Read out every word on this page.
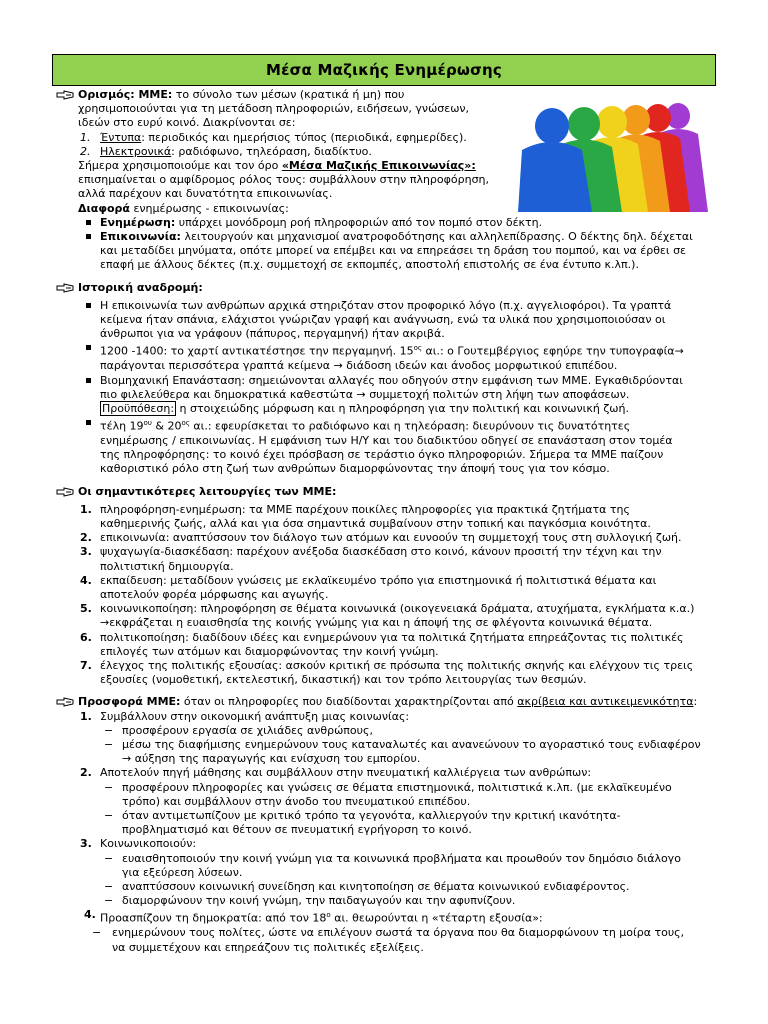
Μέσα Μαζικής Ενημέρωσης
Ορισμός: ΜΜΕ: το σύνολο των μέσων (κρατικά ή μη) που
χρησιμοποιούνται για τη μετάδοση πληροφοριών, ειδήσεων, γνώσεων,
ιδεών στο ευρύ κοινό. Διακρίνονται σε:
1. Έντυπα: περιοδικός και ημερήσιος τύπος (περιοδικά, εφημερίδες).
2. Ηλεκτρονικά: ραδιόφωνο, τηλεόραση, διαδίκτυο.
Σήμερα χρησιμοποιούμε και τον όρο «Μέσα Μαζικής Επικοινωνίας»:
επισημαίνεται ο αμφίδρομος ρόλος τους: συμβάλλουν στην πληροφόρηση,
αλλά παρέχουν και δυνατότητα επικοινωνίας.
Διαφορά ενημέρωσης - επικοινωνίας:
Ενημέρωση: υπάρχει μονόδρομη ροή πληροφοριών από τον πομπό στον δέκτη.
Επικοινωνία: λειτουργούν και μηχανισμοί ανατροφοδότησης και αλληλεπίδρασης. Ο δέκτης δηλ. δέχεται
και μεταδίδει μηνύματα, οπότε μπορεί να επέμβει και να επηρεάσει τη δράση του πομπού, και να έρθει σε
επαφή με άλλους δέκτες (π.χ. συμμετοχή σε εκπομπές, αποστολή επιστολής σε ένα έντυπο κ.λπ.).
Ιστορική αναδρομή:
Η επικοινωνία των ανθρώπων αρχικά στηριζόταν στον προφορικό λόγο (π.χ. αγγελιοφόροι). Τα γραπτά
κείμενα ήταν σπάνια, ελάχιστοι γνώριζαν γραφή και ανάγνωση, ενώ τα υλικά που χρησιμοποιούσαν οι
άνθρωποι για να γράφουν (πάπυρος, περγαμηνή) ήταν ακριβά.
1200 -1400: το χαρτί αντικατέστησε την περγαμηνή. $15^{o\varsigma}$ αι.: ο Γουτεμβέργιος εφηύρε την τυπογραφία→
παράγονται περισσότερα γραπτά κείμενα → διάδοση ιδεών και άνοδος μορφωτικού επιπέδου.
Βιομηχανική Επανάσταση: σημειώνονται αλλαγές που οδηγούν στην εμφάνιση των ΜΜΕ. Εγκαθιδρύονται
πιο φιλελεύθερα και δημοκρατικά καθεστώτα → συμμετοχή πολιτών στη λήψη των αποφάσεων.
Προϋπόθεση: η στοιχειώδης μόρφωση και η πληροφόρηση για την πολιτική και κοινωνική ζωή.
τέλη $19^{o\upsilon}$ & $20^{o\varsigma}$ αι.: εφευρίσκεται το ραδιόφωνο και η τηλεόραση: διευρύνουν τις δυνατότητες
ενημέρωσης / επικοινωνίας. Η εμφάνιση των Η/Υ και του διαδικτύου οδηγεί σε επανάσταση στον τομέα
της πληροφόρησης: το κοινό έχει πρόσβαση σε τεράστιο όγκο πληροφοριών. Σήμερα τα ΜΜΕ παίζουν
καθοριστικό ρόλο στη ζωή των ανθρώπων διαμορφώνοντας την άποψή τους για τον κόσμο.
Οι σημαντικότερες λειτουργίες των ΜΜΕ:
1. πληροφόρηση-ενημέρωση: τα ΜΜΕ παρέχουν ποικίλες πληροφορίες για πρακτικά ζητήματα της
καθημερινής ζωής, αλλά και για όσα σημαντικά συμβαίνουν στην τοπική και παγκόσμια κοινότητα.
2. επικοινωνία: αναπτύσσουν τον διάλογο των ατόμων και ευνοούν τη συμμετοχή τους στη συλλογική ζωή.
3. ψυχαγωγία-διασκέδαση: παρέχουν ανέξοδα διασκέδαση στο κοινό, κάνουν προσιτή την τέχνη και την
πολιτιστική δημιουργία.
4. εκπαίδευση: μεταδίδουν γνώσεις με εκλαϊκευμένο τρόπο για επιστημονικά ή πολιτιστικά θέματα και
αποτελούν φορέα μόρφωσης και αγωγής.
5. κοινωνικοποίηση: πληροφόρηση σε θέματα κοινωνικά (οικογενειακά δράματα, ατυχήματα, εγκλήματα κ.α.)
→εκφράζεται η ευαισθησία της κοινής γνώμης για και η άποψή της σε φλέγοντα κοινωνικά θέματα.
6. πολιτικοποίηση: διαδίδουν ιδέες και ενημερώνουν για τα πολιτικά ζητήματα επηρεάζοντας τις πολιτικές
επιλογές των ατόμων και διαμορφώνοντας την κοινή γνώμη.
7. έλεγχος της πολιτικής εξουσίας: ασκούν κριτική σε πρόσωπα της πολιτικής σκηνής και ελέγχουν τις τρεις
εξουσίες (νομοθετική, εκτελεστική, δικαστική) και τον τρόπο λειτουργίας των θεσμών.
Προσφορά ΜΜΕ: όταν οι πληροφορίες που διαδίδονται χαρακτηρίζονται από ακρίβεια και αντικειμενικότητα:
1. Συμβάλλουν στην οικονομική ανάπτυξη μιας κοινωνίας:
− προσφέρουν εργασία σε χιλιάδες ανθρώπους,
− μέσω της διαφήμισης ενημερώνουν τους καταναλωτές και ανανεώνουν το αγοραστικό τους ενδιαφέρον
→ αύξηση της παραγωγής και ενίσχυση του εμπορίου.
2. Αποτελούν πηγή μάθησης και συμβάλλουν στην πνευματική καλλιέργεια των ανθρώπων:
− προσφέρουν πληροφορίες και γνώσεις σε θέματα επιστημονικά, πολιτιστικά κ.λπ. (με εκλαϊκευμένο
τρόπο) και συμβάλλουν στην άνοδο του πνευματικού επιπέδου.
− όταν αντιμετωπίζουν με κριτικό τρόπο τα γεγονότα, καλλιεργούν την κριτική ικανότητα-
προβληματισμό και θέτουν σε πνευματική εγρήγορση το κοινό.
3. Κοινωνικοποιούν:
− ευαισθητοποιούν την κοινή γνώμη για τα κοινωνικά προβλήματα και προωθούν τον δημόσιο διάλογο
για εξεύρεση λύσεων.
− αναπτύσσουν κοινωνική συνείδηση και κινητοποίηση σε θέματα κοινωνικού ενδιαφέροντος.
− διαμορφώνουν την κοινή γνώμη, την παιδαγωγούν και την αφυπνίζουν.
4. Προασπίζουν τη δημοκρατία: από τον $18^o$ αι. θεωρούνται η «τέταρτη εξουσία»:
− ενημερώνουν τους πολίτες, ώστε να επιλέγουν σωστά τα όργανα που θα διαμορφώνουν τη μοίρα τους,
να συμμετέχουν και επηρεάζουν τις πολιτικές εξελίξεις.
